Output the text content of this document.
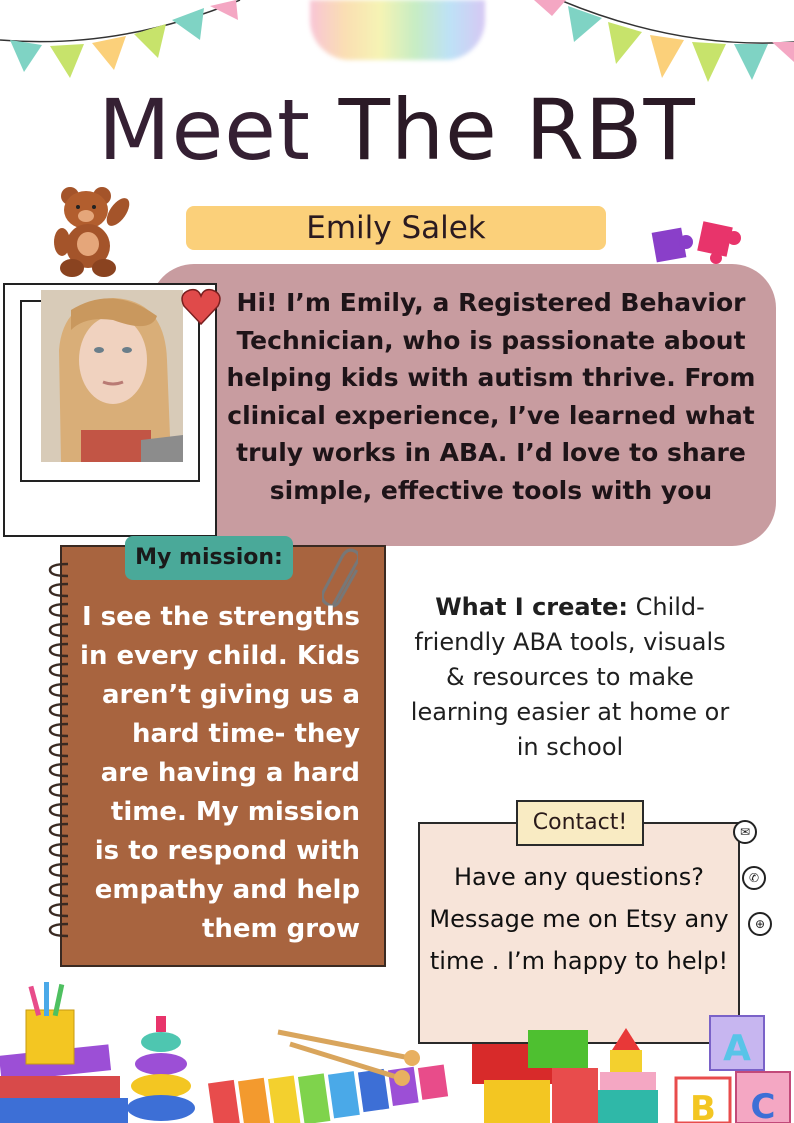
Meet The RBT
Emily Salek
Hi! I’m Emily, a Registered Behavior Technician, who is passionate about helping kids with autism thrive. From clinical experience, I’ve learned what truly works in ABA. I’d love to share simple, effective tools with you
My mission:
I see the strengths in every child. Kids aren’t giving us a hard time- they are having a hard time. My mission is to respond with empathy and help them grow
What I create: Child-friendly ABA tools, visuals & resources to make learning easier at home or in school
Contact!
Have any questions? Message me on Etsy any time . I’m happy to help!
✉
✆
⊕
A
B C
